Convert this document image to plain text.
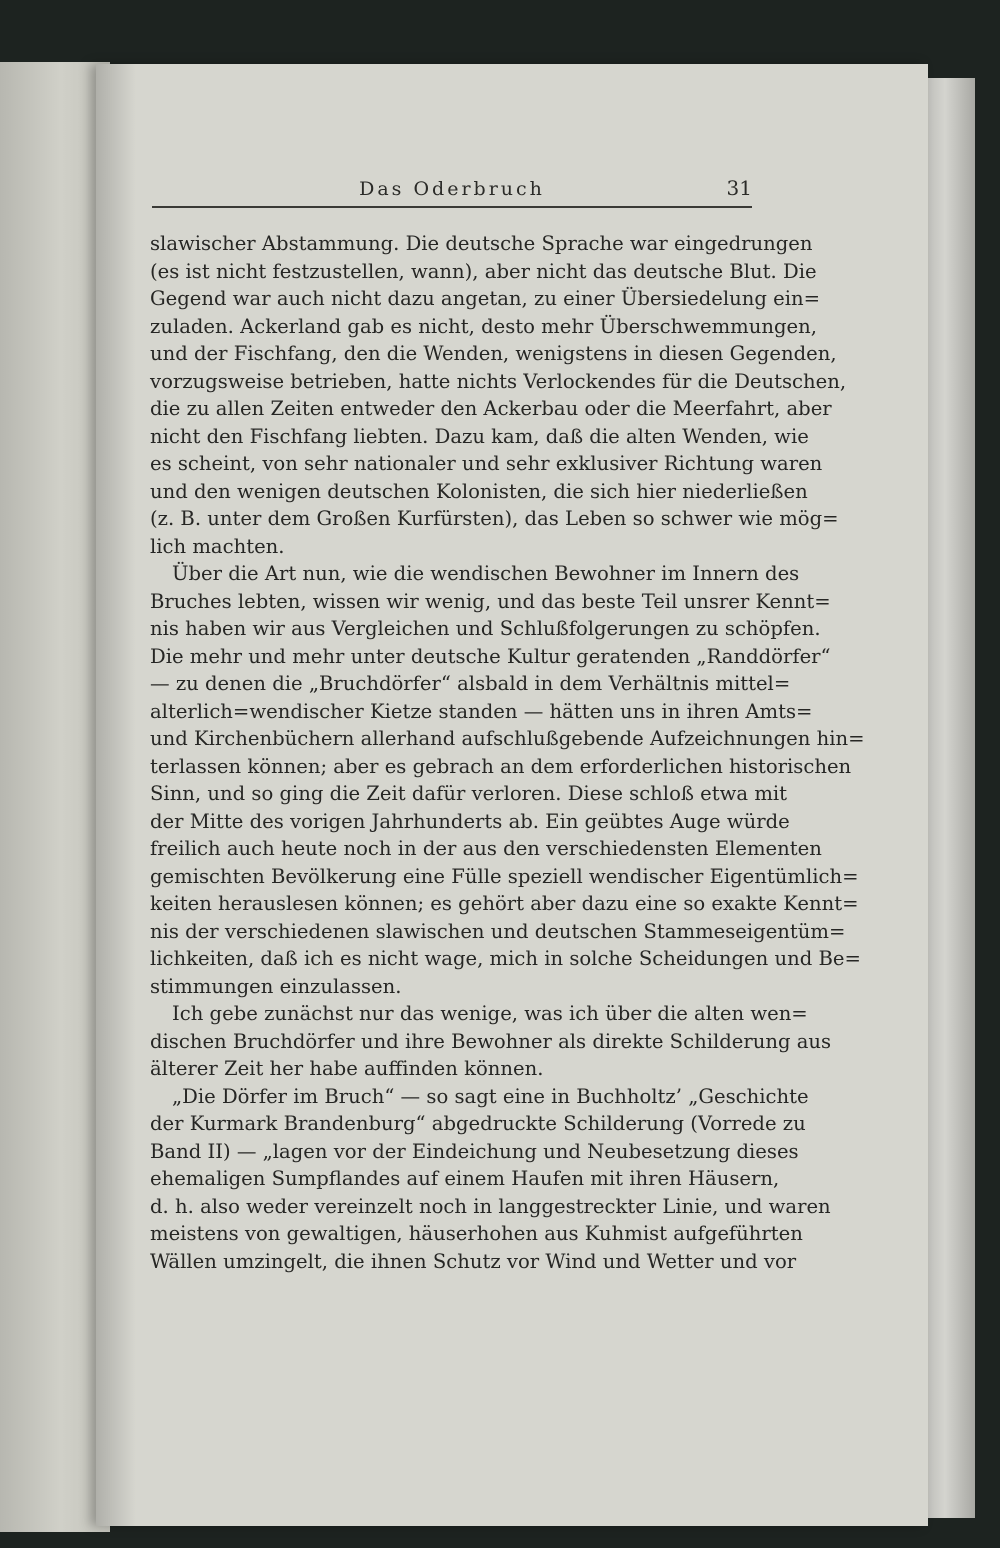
Das Oderbruch	31
slawischer Abstammung. Die deutsche Sprache war eingedrungen
(es ist nicht festzustellen, wann), aber nicht das deutsche Blut. Die
Gegend war auch nicht dazu angetan, zu einer Übersiedelung ein=
zuladen. Ackerland gab es nicht, desto mehr Überschwemmungen,
und der Fischfang, den die Wenden, wenigstens in diesen Gegenden,
vorzugsweise betrieben, hatte nichts Verlockendes für die Deutschen,
die zu allen Zeiten entweder den Ackerbau oder die Meerfahrt, aber
nicht den Fischfang liebten. Dazu kam, daß die alten Wenden, wie
es scheint, von sehr nationaler und sehr exklusiver Richtung waren
und den wenigen deutschen Kolonisten, die sich hier niederließen
(z. B. unter dem Großen Kurfürsten), das Leben so schwer wie mög=
lich machten.
Über die Art nun, wie die wendischen Bewohner im Innern des
Bruches lebten, wissen wir wenig, und das beste Teil unsrer Kennt=
nis haben wir aus Vergleichen und Schlußfolgerungen zu schöpfen.
Die mehr und mehr unter deutsche Kultur geratenden „Randdörfer“
— zu denen die „Bruchdörfer“ alsbald in dem Verhältnis mittel=
alterlich=wendischer Kietze standen — hätten uns in ihren Amts=
und Kirchenbüchern allerhand aufschlußgebende Aufzeichnungen hin=
terlassen können; aber es gebrach an dem erforderlichen historischen
Sinn, und so ging die Zeit dafür verloren. Diese schloß etwa mit
der Mitte des vorigen Jahrhunderts ab. Ein geübtes Auge würde
freilich auch heute noch in der aus den verschiedensten Elementen
gemischten Bevölkerung eine Fülle speziell wendischer Eigentümlich=
keiten herauslesen können; es gehört aber dazu eine so exakte Kennt=
nis der verschiedenen slawischen und deutschen Stammeseigentüm=
lichkeiten, daß ich es nicht wage, mich in solche Scheidungen und Be=
stimmungen einzulassen.
Ich gebe zunächst nur das wenige, was ich über die alten wen=
dischen Bruchdörfer und ihre Bewohner als direkte Schilderung aus
älterer Zeit her habe auffinden können.
„Die Dörfer im Bruch“ — so sagt eine in Buchholtz’ „Geschichte
der Kurmark Brandenburg“ abgedruckte Schilderung (Vorrede zu
Band II) — „lagen vor der Eindeichung und Neubesetzung dieses
ehemaligen Sumpflandes auf einem Haufen mit ihren Häusern,
d. h. also weder vereinzelt noch in langgestreckter Linie, und waren
meistens von gewaltigen, häuserhohen aus Kuhmist aufgeführten
Wällen umzingelt, die ihnen Schutz vor Wind und Wetter und vor
